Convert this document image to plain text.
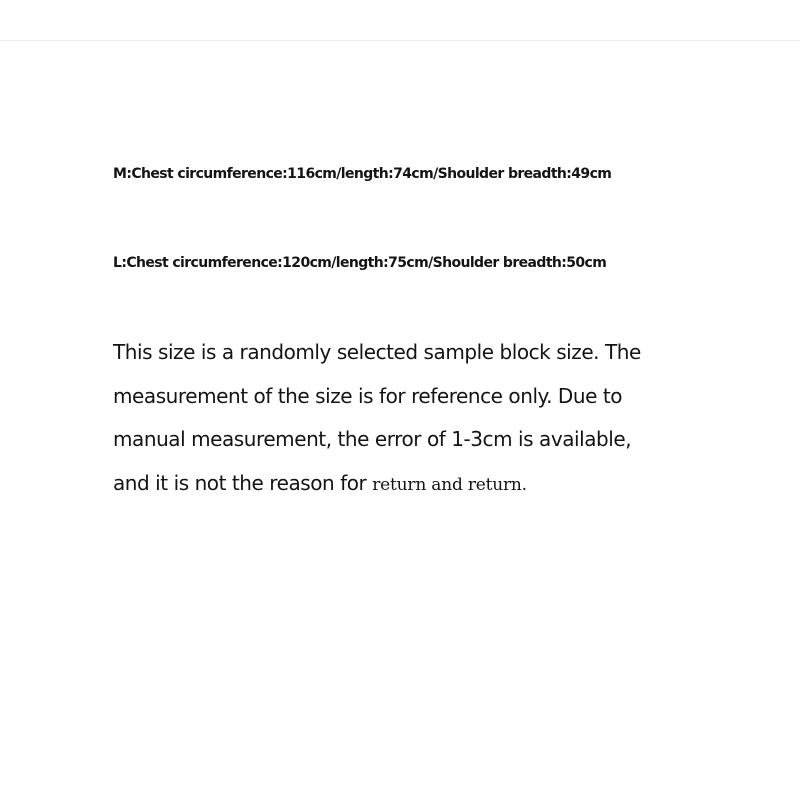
M:Chest circumference:116cm/length:74cm/Shoulder breadth:49cm
L:Chest circumference:120cm/length:75cm/Shoulder breadth:50cm
This size is a randomly selected sample block size. The
measurement of the size is for reference only. Due to
manual measurement, the error of 1-3cm is available,
and it is not the reason for return and return.
